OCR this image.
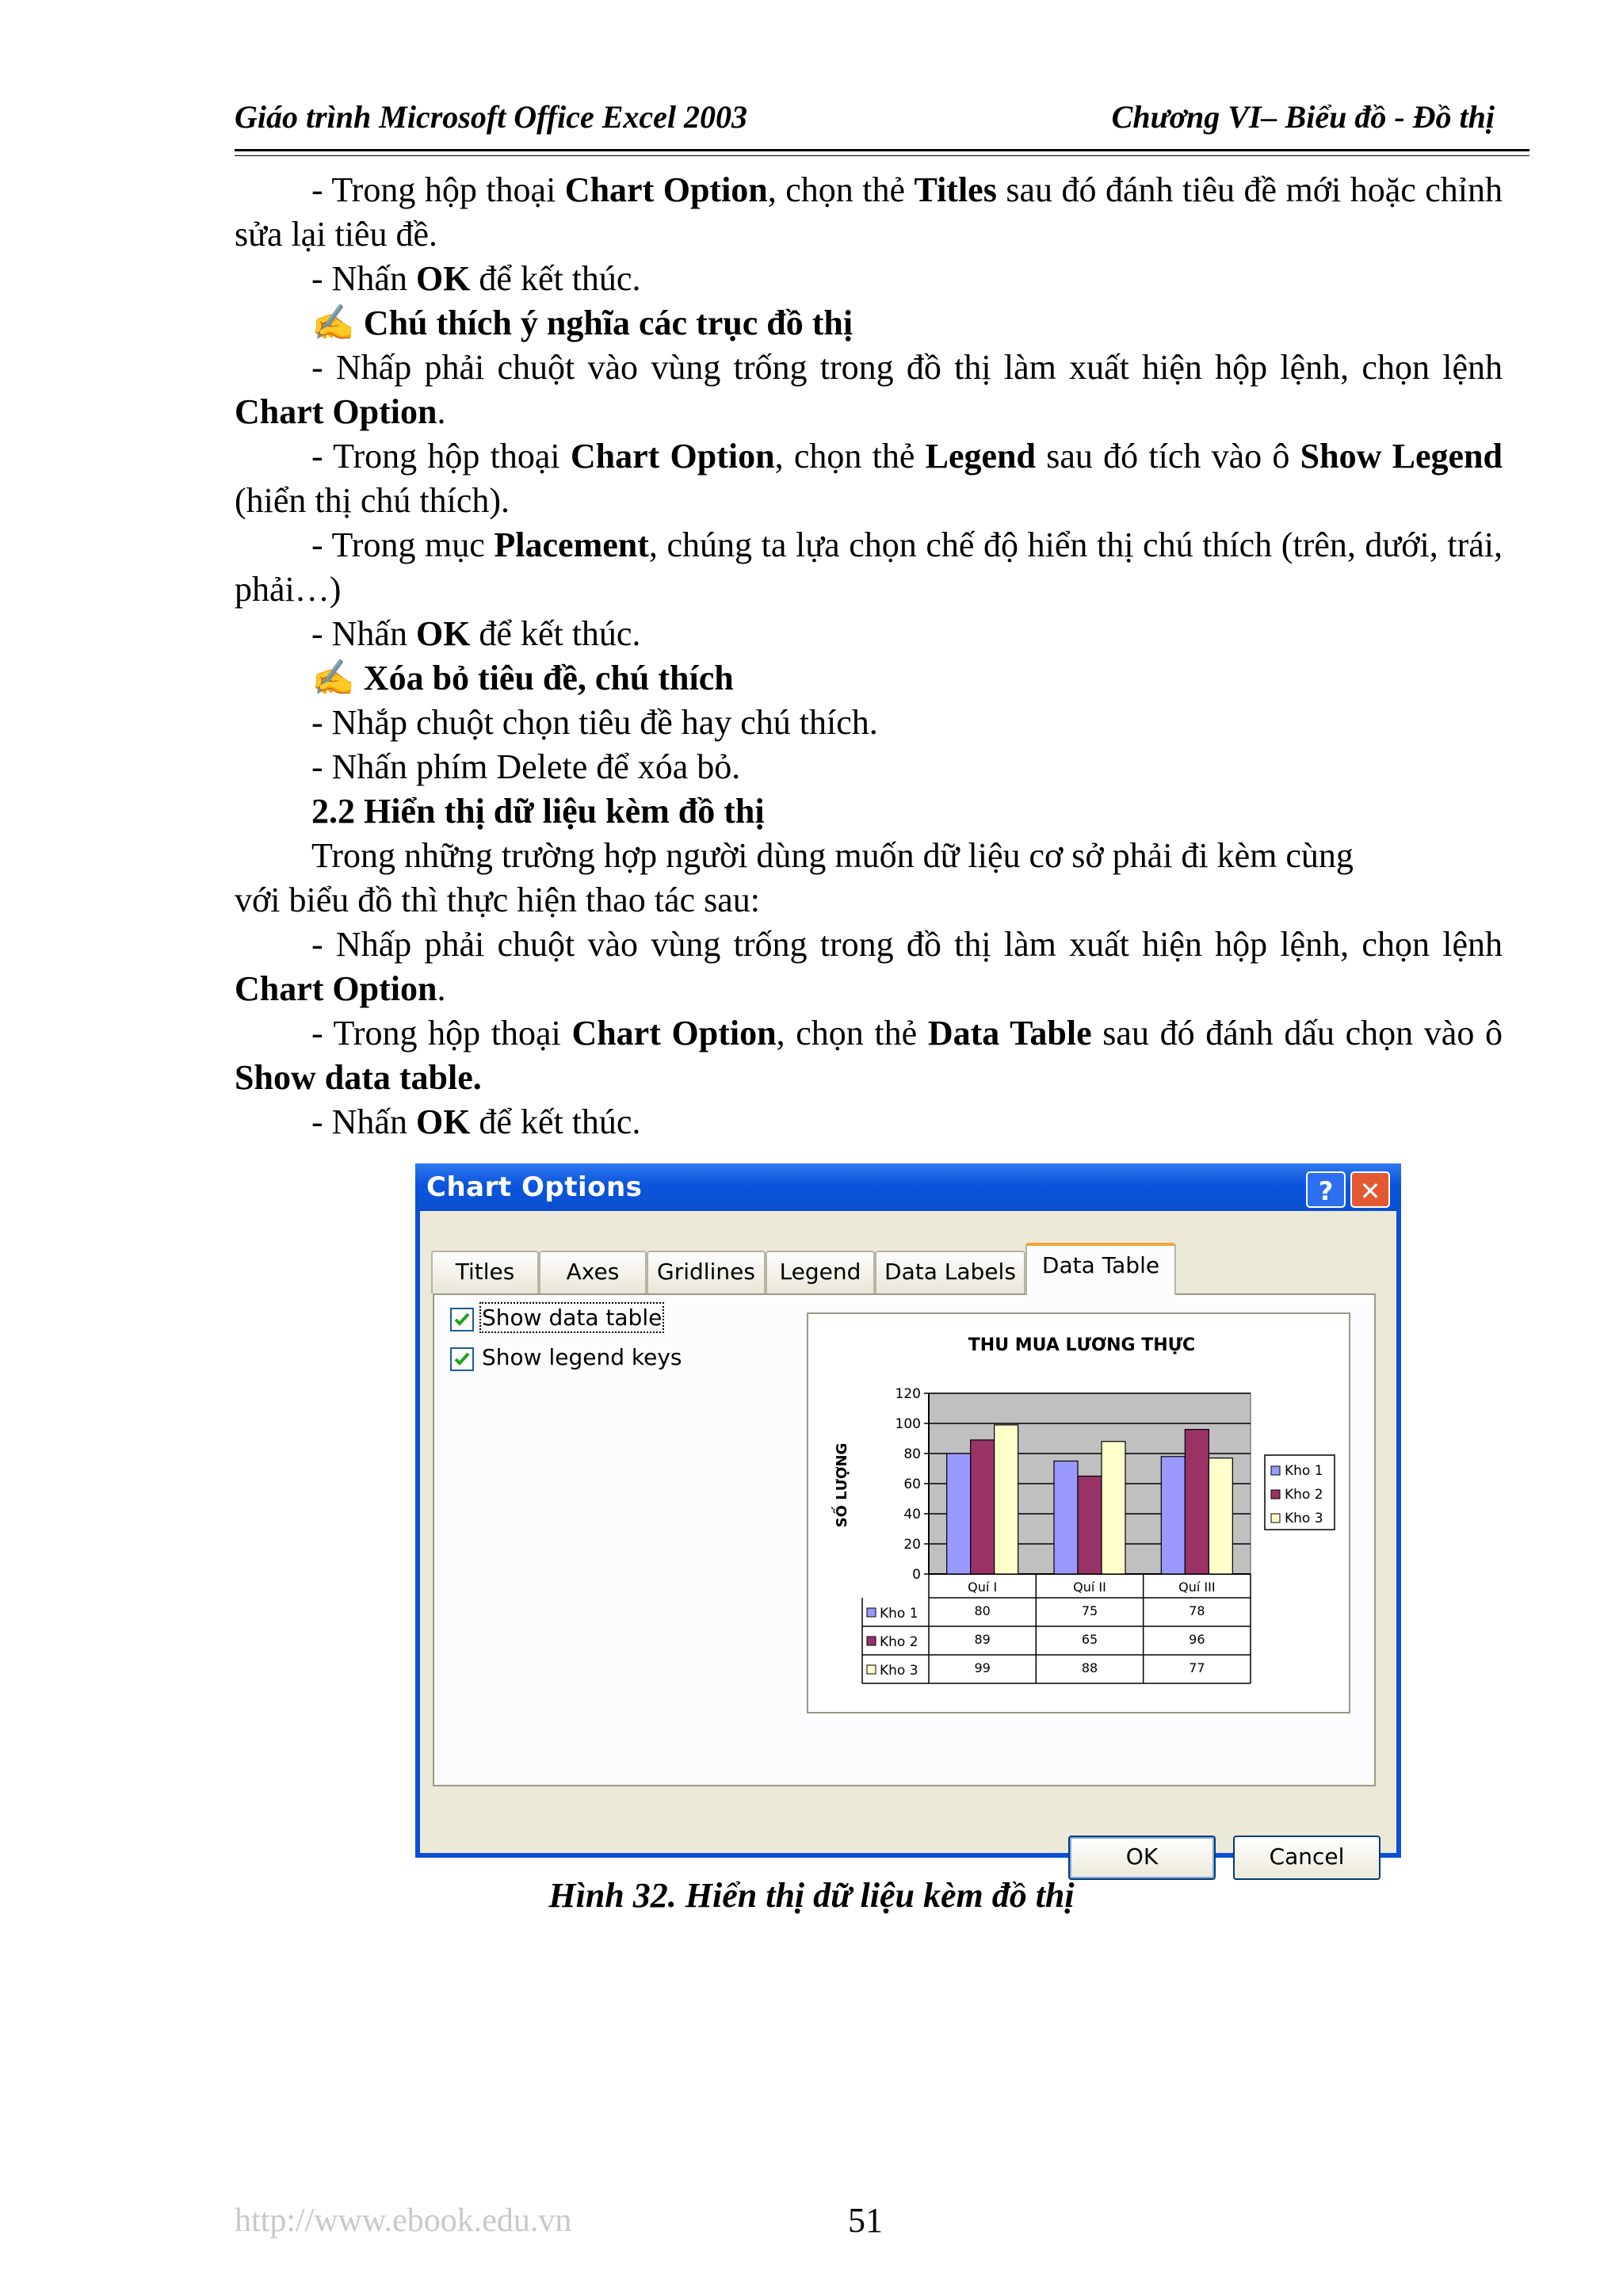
Giáo trình Microsoft Office Excel 2003	Chương VI– Biểu đồ - Đồ thị

- Trong hộp thoại Chart Option, chọn thẻ Titles sau đó đánh tiêu đề mới hoặc chỉnh sửa lại tiêu đề.

- Nhấn OK để kết thúc.

✍ Chú thích ý nghĩa các trục đồ thị

- Nhấp phải chuột vào vùng trống trong đồ thị làm xuất hiện hộp lệnh, chọn lệnh Chart Option.

- Trong hộp thoại Chart Option, chọn thẻ Legend sau đó tích vào ô Show Legend (hiển thị chú thích).

- Trong mục Placement, chúng ta lựa chọn chế độ hiển thị chú thích (trên, dưới, trái, phải…)

- Nhấn OK để kết thúc.

✍ Xóa bỏ tiêu đề, chú thích

- Nhắp chuột chọn tiêu đề hay chú thích.

- Nhấn phím Delete để xóa bỏ.

2.2 Hiển thị dữ liệu kèm đồ thị

Trong những trường hợp người dùng muốn dữ liệu cơ sở phải đi kèm cùng

với biểu đồ thì thực hiện thao tác sau:

- Nhấp phải chuột vào vùng trống trong đồ thị làm xuất hiện hộp lệnh, chọn lệnh Chart Option.

- Trong hộp thoại Chart Option, chọn thẻ Data Table sau đó đánh dấu chọn vào ô Show data table.

- Nhấn OK để kết thúc.

Chart Options	?	✕
Titles	Axes	Gridlines	Legend	Data Labels	Data Table
Show data table
Show legend keys	THU MUA LƯƠNG THỰC
SỐ LƯỢNG
0
20
40
60
80
100
120
Quí I	Quí II	Quí III
Kho 1	80	75	78
Kho 2	89	65	96
Kho 3	99	88	77
Kho 1
Kho 2
Kho 3
OK	Cancel
Hình 32. Hiển thị dữ liệu kèm đồ thị
http://www.ebook.edu.vn	51
